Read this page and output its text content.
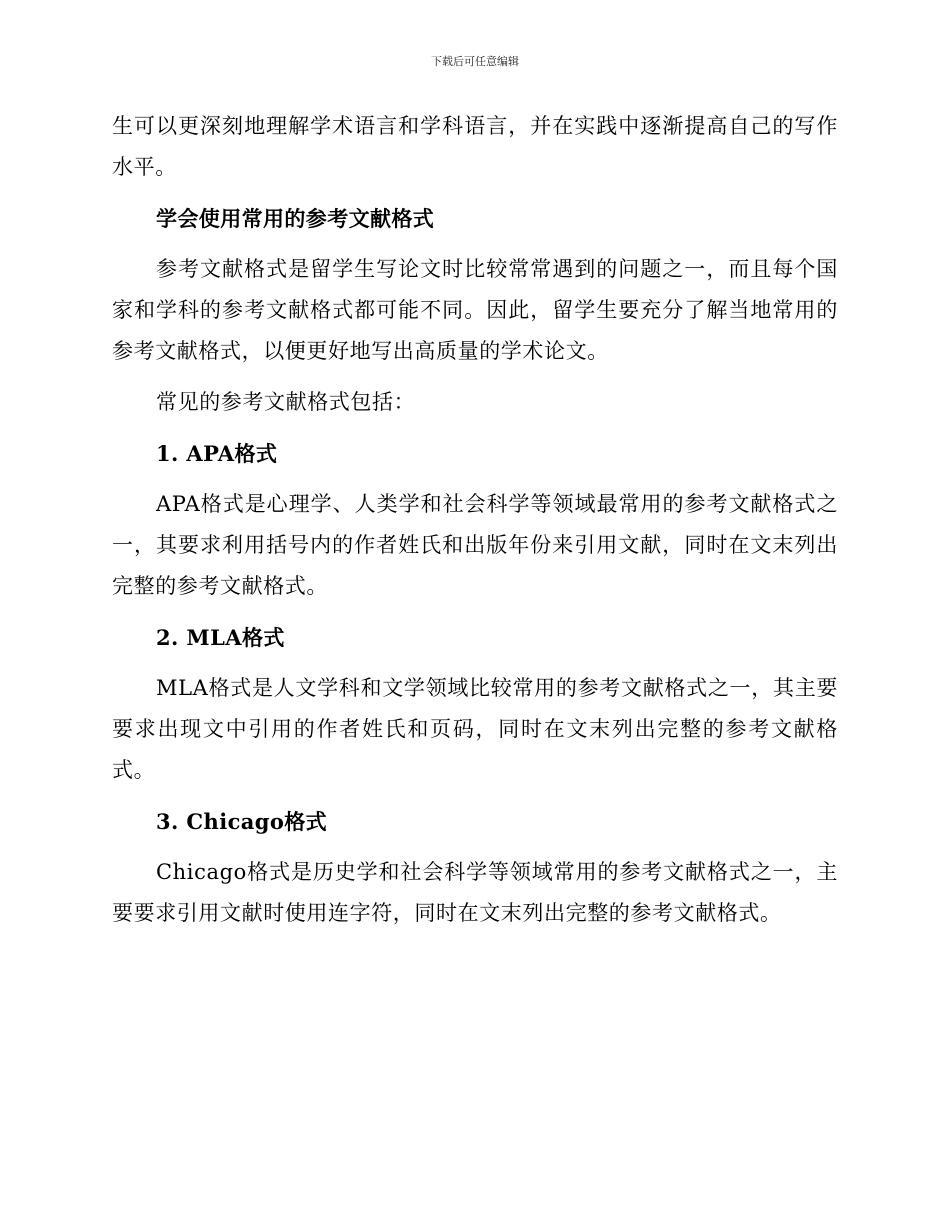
下载后可任意编辑

生可以更深刻地理解学术语言和学科语言，并在实践中逐渐提高自己的写作水平。

学会使用常用的参考文献格式

参考文献格式是留学生写论文时比较常常遇到的问题之一，而且每个国家和学科的参考文献格式都可能不同。因此，留学生要充分了解当地常用的参考文献格式，以便更好地写出高质量的学术论文。

常见的参考文献格式包括：

1. APA格式

APA格式是心理学、人类学和社会科学等领域最常用的参考文献格式之一，其要求利用括号内的作者姓氏和出版年份来引用文献，同时在文末列出完整的参考文献格式。

2. MLA格式

MLA格式是人文学科和文学领域比较常用的参考文献格式之一，其主要要求出现文中引用的作者姓氏和页码，同时在文末列出完整的参考文献格式。

3. Chicago格式

Chicago格式是历史学和社会科学等领域常用的参考文献格式之一，主要要求引用文献时使用连字符，同时在文末列出完整的参考文献格式。
